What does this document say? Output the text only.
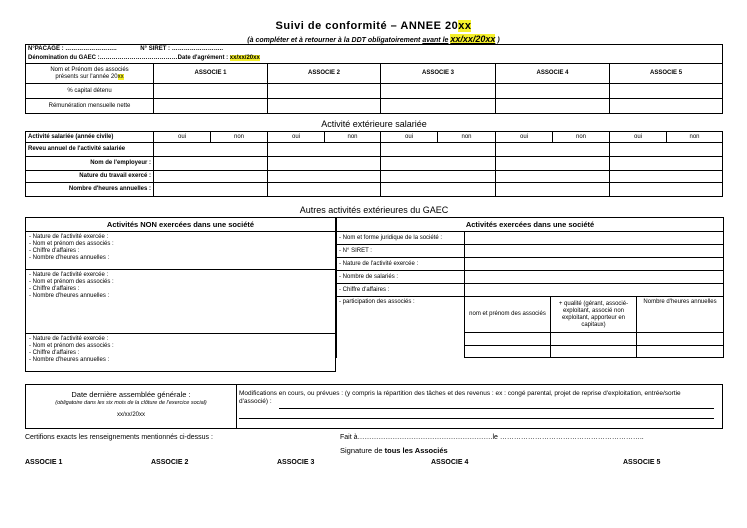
Suivi de conformité – ANNEE 20xx
(à compléter et à retourner à la DDT obligatoirement avant le xx/xx/20xx )
N°PACAGE : …………………….. N° SIRET : ……………………..					
Dénomination du GAEC :…………………………………Date d'agrément : xx/xx/20xx					
Nom et Prénom des associés
présents sur l'année 20xx	ASSOCIE 1	ASSOCIE 2	ASSOCIE 3	ASSOCIE 4	ASSOCIE 5
% capital détenu					
Rémunération mensuelle nette					
Activité extérieure salariée
Activité salariée (année civile)	oui	non	oui	non	oui	non	oui	non	oui	non
Reveu annuel de l'activité salariée										
Nom de l'employeur :										
Nature du travail exercé :										
Nombre d'heures annuelles :										
Autres activités extérieures du GAEC
Activités NON exercées dans une société

- Nature de l'activité exercée :
- Nom et prénom des associés :
- Chiffre d'affaires :
- Nombre d'heures annuelles :

- Nature de l'activité exercée :
- Nom et prénom des associés :
- Chiffre d'affaires :
- Nombre d'heures annuelles :

- Nature de l'activité exercée :
- Nom et prénom des associés :
- Chiffre d'affaires :
- Nombre d'heures annuelles :
Activités exercées dans une société			
- Nom et forme juridique de la société :			
- N° SIRET :			
- Nature de l'activité exercée :			
- Nombre de salariés :			
- Chiffre d'affaires :			
- participation des associés :	nom et prénom des associés	+ qualité (gérant, associé-exploitant, associé non exploitant, apporteur en capitaux)	Nombre d'heures annuelles

Date dernière assemblée générale :
(obligatoire dans les six mois de la clôture de l'exercice social)
xx/xx/20xx
	Modifications en cours, ou prévues : (y compris la répartition des tâches et des revenus : ex : congé parental, projet de reprise d'exploitation, entrée/sortie
d'associé) :
Certifions exacts les renseignements mentionnés ci-dessus :	Fait à………………………………………………….le ……………………………………………………..
Signature de tous les Associés
ASSOCIE 1	ASSOCIE 2	ASSOCIE 3	ASSOCIE 4	ASSOCIE 5
